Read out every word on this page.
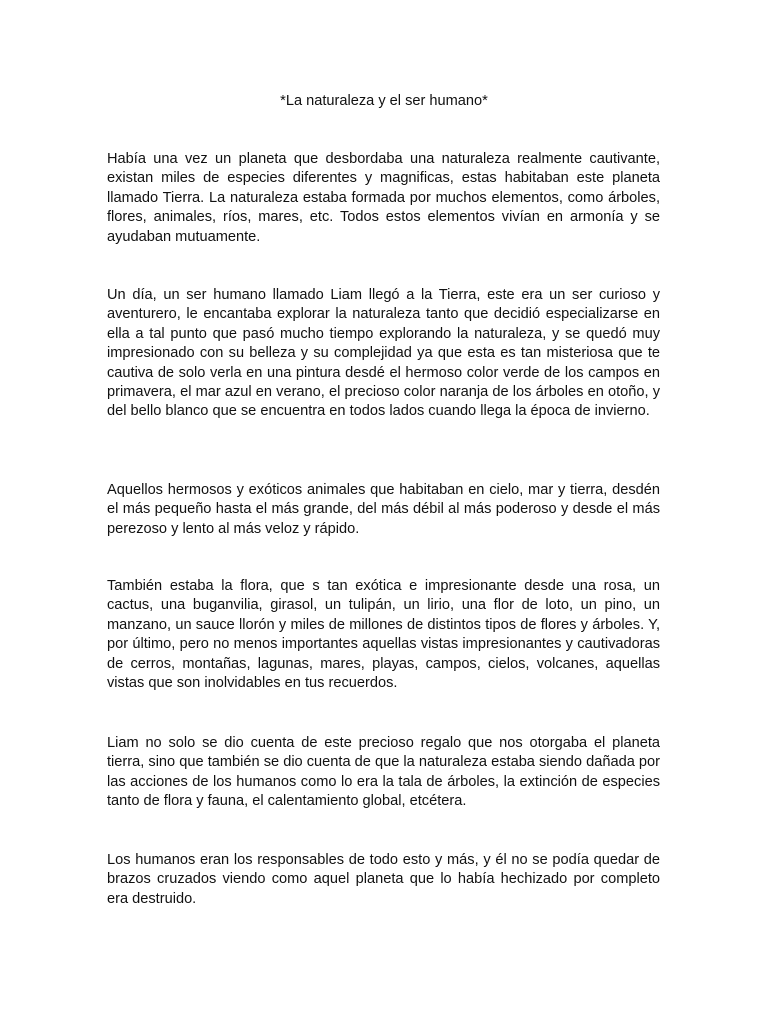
*La naturaleza y el ser humano*

Había una vez un planeta que desbordaba una naturaleza realmente cautivante, existan miles de especies diferentes y magnificas, estas habitaban este planeta llamado Tierra. La naturaleza estaba formada por muchos elementos, como árboles, flores, animales, ríos, mares, etc. Todos estos elementos vivían en armonía y se ayudaban mutuamente.

Un día, un ser humano llamado Liam llegó a la Tierra, este era un ser curioso y aventurero, le encantaba explorar la naturaleza tanto que decidió especializarse en ella a tal punto que pasó mucho tiempo explorando la naturaleza, y se quedó muy impresionado con su belleza y su complejidad ya que esta es tan misteriosa que te cautiva de solo verla en una pintura desdé el hermoso color verde de los campos en primavera, el mar azul en verano, el precioso color naranja de los árboles en otoño, y del bello blanco que se encuentra en todos lados cuando llega la época de invierno.

Aquellos hermosos y exóticos animales que habitaban en cielo, mar y tierra, desdén el más pequeño hasta el más grande, del más débil al más poderoso y desde el más perezoso y lento al más veloz y rápido.

También estaba la flora, que s tan exótica e impresionante desde una rosa, un cactus, una buganvilia, girasol, un tulipán, un lirio, una flor de loto, un pino, un manzano, un sauce llorón y miles de millones de distintos tipos de flores y árboles. Y, por último, pero no menos importantes aquellas vistas impresionantes y cautivadoras de cerros, montañas, lagunas, mares, playas, campos, cielos, volcanes, aquellas vistas que son inolvidables en tus recuerdos.

Liam no solo se dio cuenta de este precioso regalo que nos otorgaba el planeta tierra, sino que también se dio cuenta de que la naturaleza estaba siendo dañada por las acciones de los humanos como lo era la tala de árboles, la extinción de especies tanto de flora y fauna, el calentamiento global, etcétera.

Los humanos eran los responsables de todo esto y más, y él no se podía quedar de brazos cruzados viendo como aquel planeta que lo había hechizado por completo era destruido.
